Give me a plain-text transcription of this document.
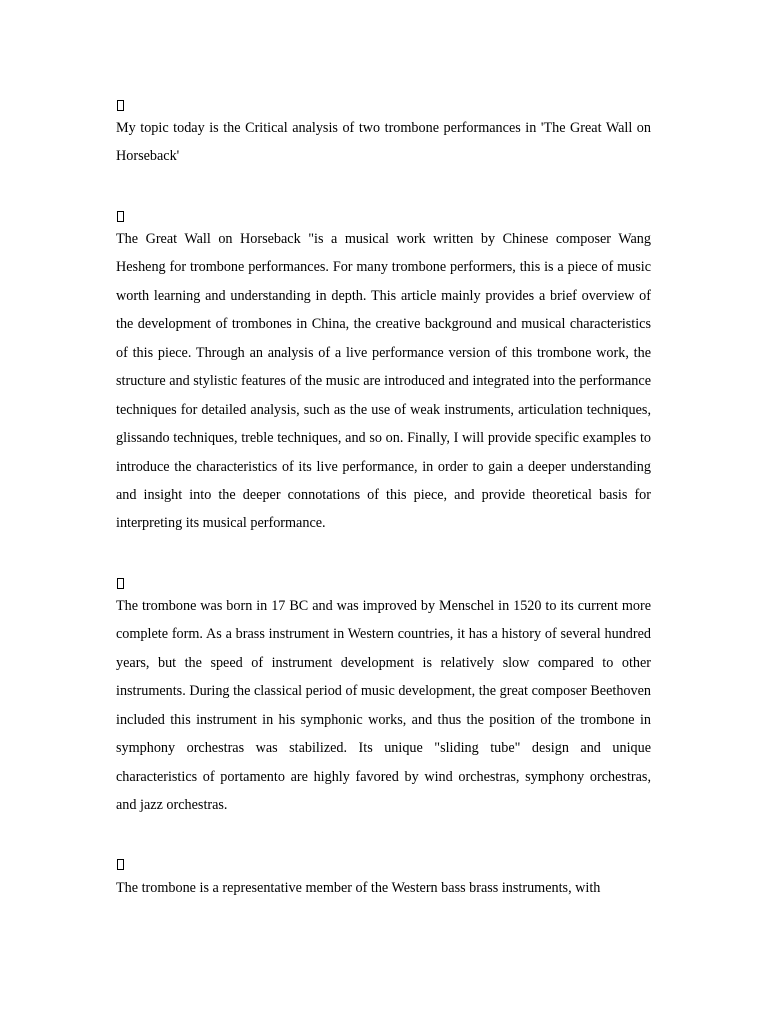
My topic today is the Critical analysis of two trombone performances in 'The Great Wall on Horseback'

The Great Wall on Horseback "is a musical work written by Chinese composer Wang Hesheng for trombone performances. For many trombone performers, this is a piece of music worth learning and understanding in depth. This article mainly provides a brief overview of the development of trombones in China, the creative background and musical characteristics of this piece. Through an analysis of a live performance version of this trombone work, the structure and stylistic features of the music are introduced and integrated into the performance techniques for detailed analysis, such as the use of weak instruments, articulation techniques, glissando techniques, treble techniques, and so on. Finally, I will provide specific examples to introduce the characteristics of its live performance, in order to gain a deeper understanding and insight into the deeper connotations of this piece, and provide theoretical basis for interpreting its musical performance.

The trombone was born in 17 BC and was improved by Menschel in 1520 to its current more complete form. As a brass instrument in Western countries, it has a history of several hundred years, but the speed of instrument development is relatively slow compared to other instruments. During the classical period of music development, the great composer Beethoven included this instrument in his symphonic works, and thus the position of the trombone in symphony orchestras was stabilized. Its unique "sliding tube" design and unique characteristics of portamento are highly favored by wind orchestras, symphony orchestras, and jazz orchestras.

The trombone is a representative member of the Western bass brass instruments, with
